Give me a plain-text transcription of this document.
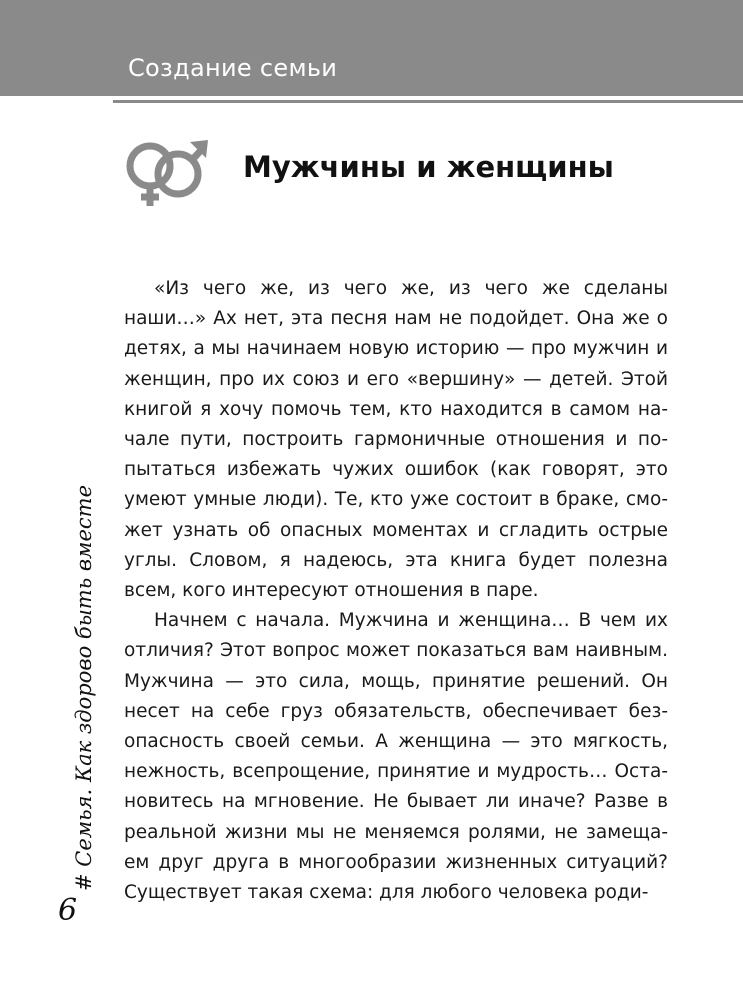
Создание семьи
Мужчины и женщины

«Из чего же, из чего же, из чего же сделаны наши…» Ах нет, эта песня нам не подойдет. Она же о детях, а мы начинаем новую историю — про мужчин и женщин, про их союз и его «вершину» — детей. Этой книгой я хочу помочь тем, кто находится в самом начале пути, построить гармоничные отношения и попытаться избежать чужих ошибок (как говорят, это умеют умные люди). Те, кто уже состоит в браке, сможет узнать об опасных моментах и сгладить острые углы. Словом, я надеюсь, эта книга будет полезна всем, кого интересуют отношения в паре.

Начнем с начала. Мужчина и женщина… В чем их отличия? Этот вопрос может показаться вам наивным. Мужчина — это сила, мощь, принятие решений. Он несет на себе груз обязательств, обеспечивает безопасность своей семьи. А женщина — это мягкость, нежность, всепрощение, принятие и мудрость… Остановитесь на мгновение. Не бывает ли иначе? Разве в реальной жизни мы не меняемся ролями, не замещаем друг друга в многообразии жизненных ситуаций? Существует такая схема: для любого человека роди-

# Семья. Как здорово быть вместе
6
